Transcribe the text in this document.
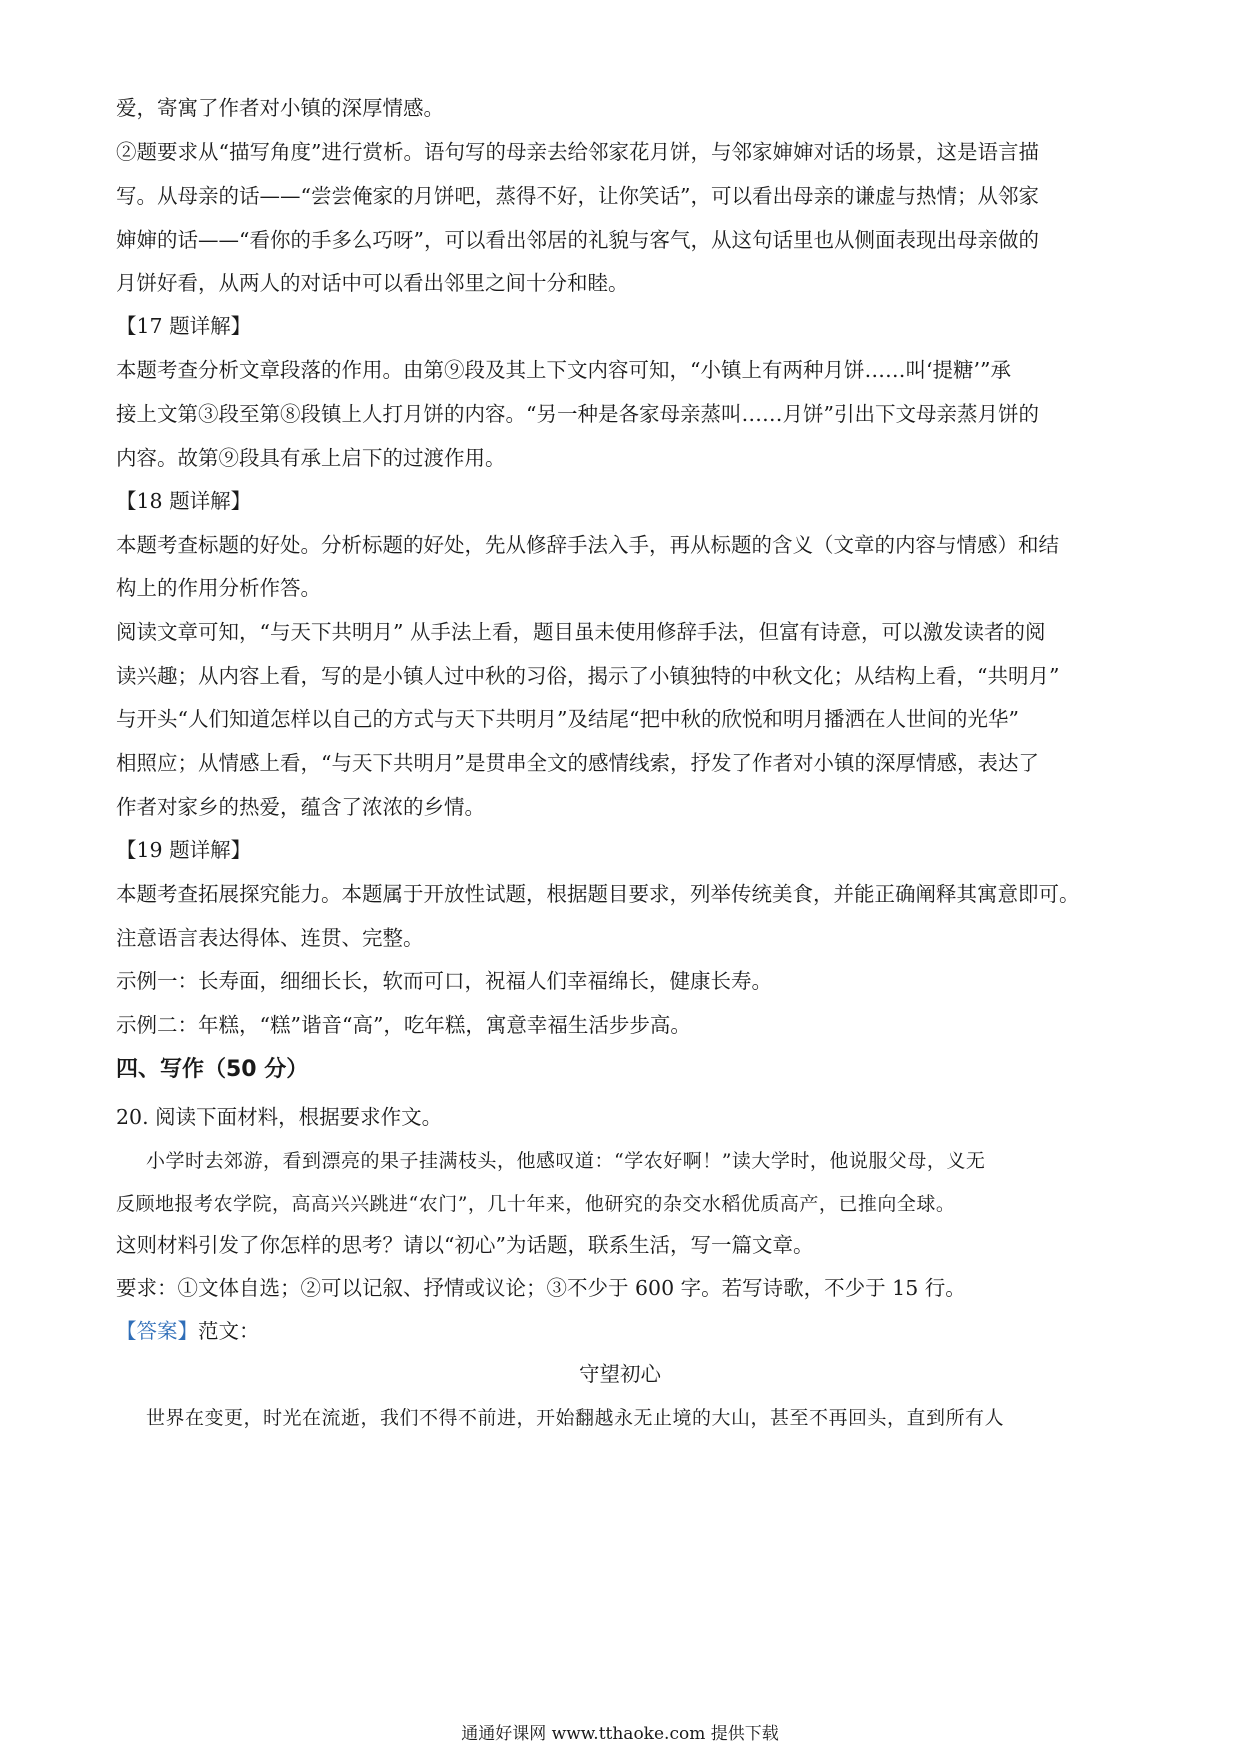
爱，寄寓了作者对小镇的深厚情感。
②题要求从“描写角度”进行赏析。语句写的母亲去给邻家花月饼，与邻家婶婶对话的场景，这是语言描
写。从母亲的话——“尝尝俺家的月饼吧，蒸得不好，让你笑话”，可以看出母亲的谦虚与热情；从邻家
婶婶的话——“看你的手多么巧呀”，可以看出邻居的礼貌与客气，从这句话里也从侧面表现出母亲做的
月饼好看，从两人的对话中可以看出邻里之间十分和睦。
【17 题详解】
本题考查分析文章段落的作用。由第⑨段及其上下文内容可知，“小镇上有两种月饼……叫‘提糖’”承
接上文第③段至第⑧段镇上人打月饼的内容。“另一种是各家母亲蒸叫……月饼”引出下文母亲蒸月饼的
内容。故第⑨段具有承上启下的过渡作用。
【18 题详解】
本题考查标题的好处。分析标题的好处，先从修辞手法入手，再从标题的含义（文章的内容与情感）和结
构上的作用分析作答。
阅读文章可知，“与天下共明月” 从手法上看，题目虽未使用修辞手法，但富有诗意，可以激发读者的阅
读兴趣；从内容上看，写的是小镇人过中秋的习俗，揭示了小镇独特的中秋文化；从结构上看，“共明月”
与开头“人们知道怎样以自己的方式与天下共明月”及结尾“把中秋的欣悦和明月播洒在人世间的光华”
相照应；从情感上看，“与天下共明月”是贯串全文的感情线索，抒发了作者对小镇的深厚情感，表达了
作者对家乡的热爱，蕴含了浓浓的乡情。
【19 题详解】
本题考查拓展探究能力。本题属于开放性试题，根据题目要求，列举传统美食，并能正确阐释其寓意即可。
注意语言表达得体、连贯、完整。
示例一：长寿面，细细长长，软而可口，祝福人们幸福绵长，健康长寿。
示例二：年糕，“糕”谐音“高”，吃年糕，寓意幸福生活步步高。
四、写作（50 分）
20. 阅读下面材料，根据要求作文。
小学时去郊游，看到漂亮的果子挂满枝头，他感叹道：“学农好啊！”读大学时，他说服父母，义无
反顾地报考农学院，高高兴兴跳进“农门”，几十年来，他研究的杂交水稻优质高产，已推向全球。
这则材料引发了你怎样的思考？请以“初心”为话题，联系生活，写一篇文章。
要求：①文体自选；②可以记叙、抒情或议论；③不少于 600 字。若写诗歌，不少于 15 行。
【答案】范文：
守望初心
世界在变更，时光在流逝，我们不得不前进，开始翻越永无止境的大山，甚至不再回头，直到所有人
通通好课网 www.tthaoke.com 提供下载
